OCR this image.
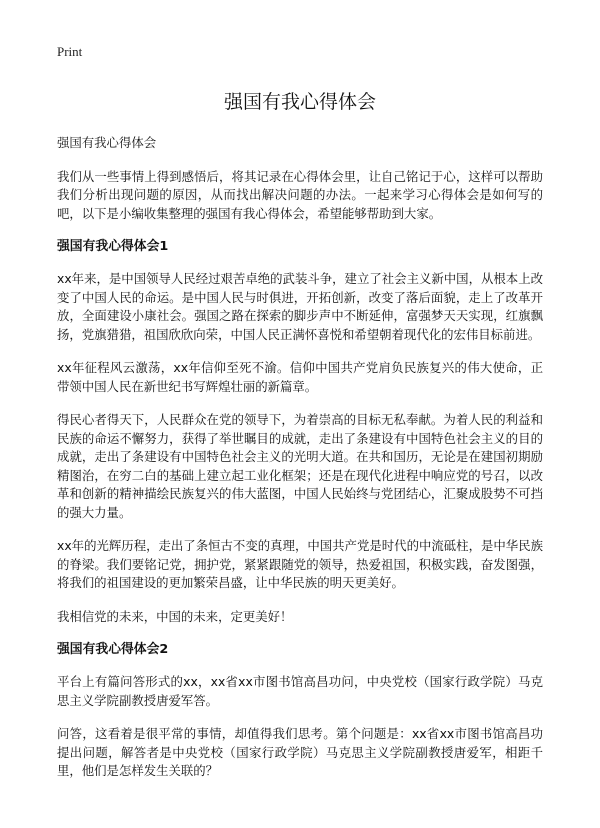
Print
强国有我心得体会

强国有我心得体会

我们从一些事情上得到感悟后，将其记录在心得体会里，让自己铭记于心，这样可以帮助我们分析出现问题的原因，从而找出解决问题的办法。一起来学习心得体会是如何写的吧，以下是小编收集整理的强国有我心得体会，希望能够帮助到大家。

强国有我心得体会1

xx年来，是中国领导人民经过艰苦卓绝的武装斗争，建立了社会主义新中国，从根本上改变了中国人民的命运。是中国人民与时俱进，开拓创新，改变了落后面貌，走上了改革开放，全面建设小康社会。强国之路在探索的脚步声中不断延伸，富强梦天天实现，红旗飘扬，党旗猎猎，祖国欣欣向荣，中国人民正满怀喜悦和希望朝着现代化的宏伟目标前进。

xx年征程风云激荡，xx年信仰至死不渝。信仰中国共产党肩负民族复兴的伟大使命，正带领中国人民在新世纪书写辉煌壮丽的新篇章。

得民心者得天下，人民群众在党的领导下，为着崇高的目标无私奉献。为着人民的利益和民族的命运不懈努力，获得了举世瞩目的成就，走出了条建设有中国特色社会主义的目的成就，走出了条建设有中国特色社会主义的光明大道。在共和国历，无论是在建国初期励精图治，在穷二白的基础上建立起工业化框架；还是在现代化进程中响应党的号召，以改革和创新的精神描绘民族复兴的伟大蓝图，中国人民始终与党团结心，汇聚成股势不可挡的强大力量。

xx年的光辉历程，走出了条恒古不变的真理，中国共产党是时代的中流砥柱，是中华民族的脊梁。我们要铭记党，拥护党，紧紧跟随党的领导，热爱祖国，积极实践，奋发图强，将我们的祖国建设的更加繁荣昌盛，让中华民族的明天更美好。

我相信党的未来，中国的未来，定更美好！

强国有我心得体会2

平台上有篇问答形式的xx，xx省xx市图书馆高昌功问，中央党校（国家行政学院）马克思主义学院副教授唐爱军答。

问答，这看着是很平常的事情，却值得我们思考。第个问题是：xx省xx市图书馆高昌功提出问题，解答者是中央党校（国家行政学院）马克思主义学院副教授唐爱军，相距千里，他们是怎样发生关联的？
